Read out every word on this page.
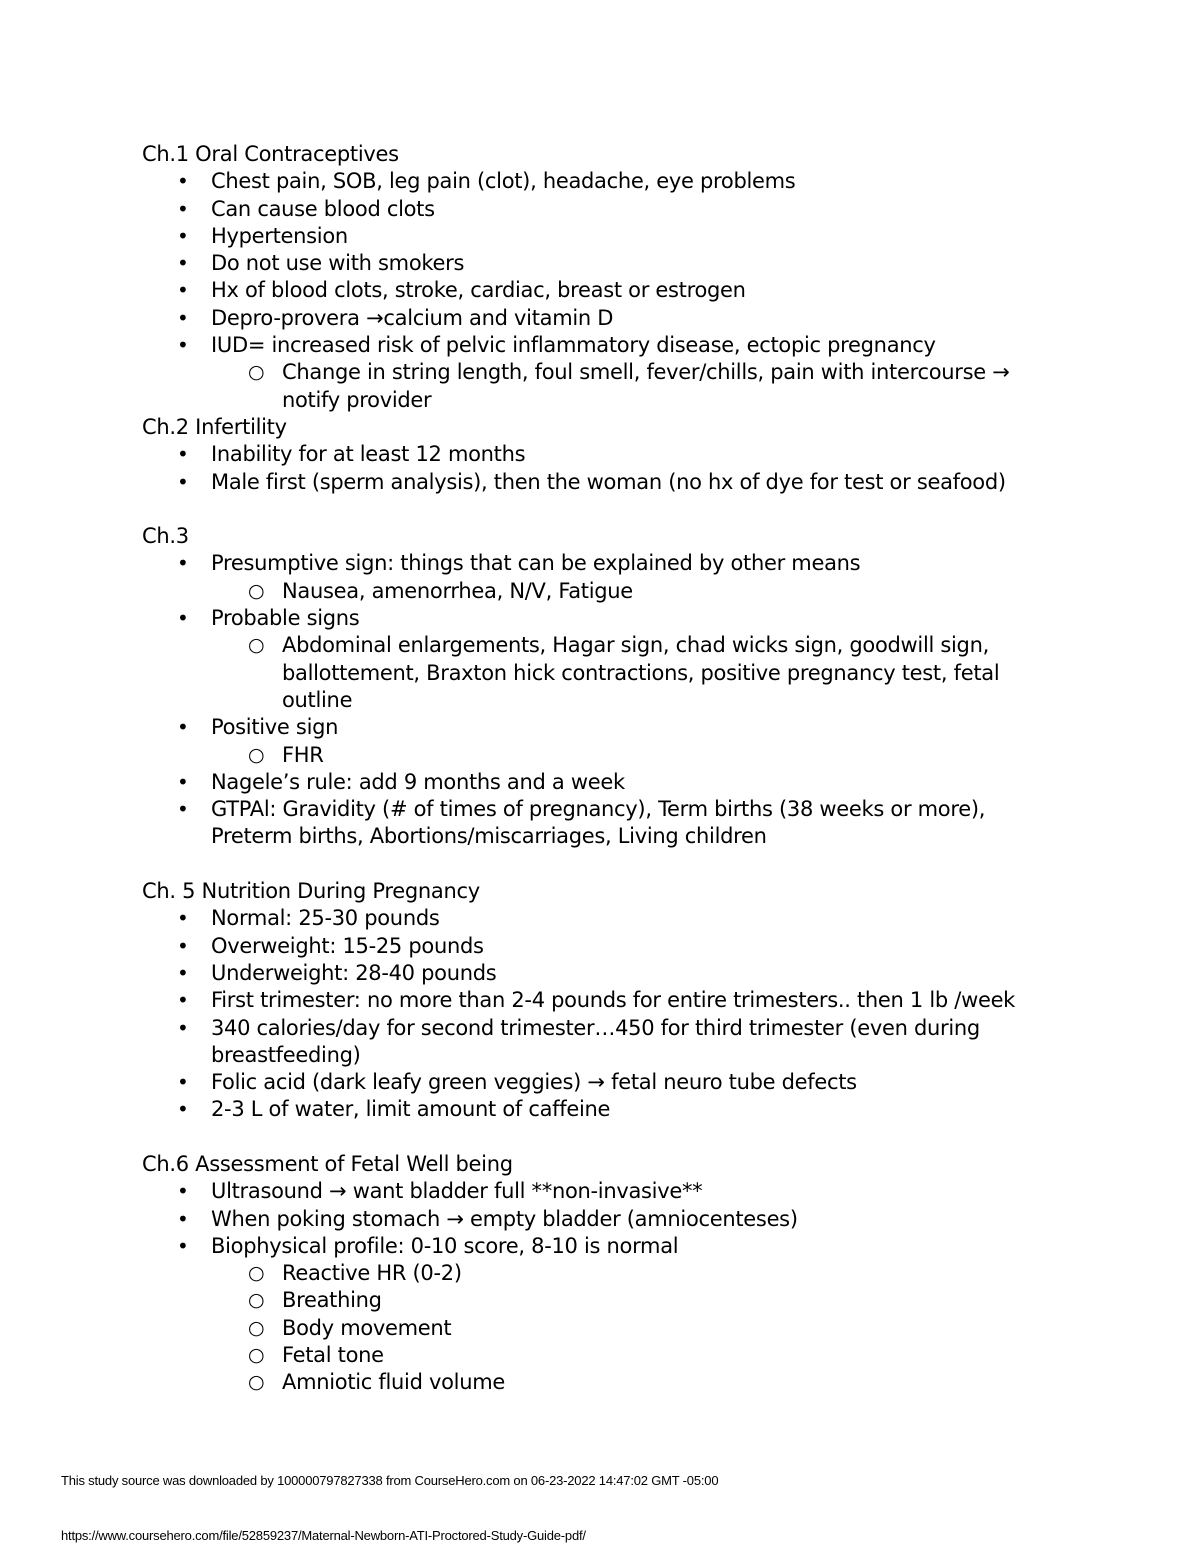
Ch.1 Oral Contraceptives
• Chest pain, SOB, leg pain (clot), headache, eye problems
• Can cause blood clots
• Hypertension
• Do not use with smokers
• Hx of blood clots, stroke, cardiac, breast or estrogen
• Depro-provera →calcium and vitamin D
• IUD= increased risk of pelvic inflammatory disease, ectopic pregnancy
○ Change in string length, foul smell, fever/chills, pain with intercourse →
notify provider
Ch.2 Infertility
• Inability for at least 12 months
• Male first (sperm analysis), then the woman (no hx of dye for test or seafood)
Ch.3
• Presumptive sign: things that can be explained by other means
○ Nausea, amenorrhea, N/V, Fatigue
• Probable signs
○ Abdominal enlargements, Hagar sign, chad wicks sign, goodwill sign,
ballottement, Braxton hick contractions, positive pregnancy test, fetal
outline
• Positive sign
○ FHR
• Nagele’s rule: add 9 months and a week
• GTPAl: Gravidity (# of times of pregnancy), Term births (38 weeks or more),
Preterm births, Abortions/miscarriages, Living children
Ch. 5 Nutrition During Pregnancy
• Normal: 25-30 pounds
• Overweight: 15-25 pounds
• Underweight: 28-40 pounds
• First trimester: no more than 2-4 pounds for entire trimesters.. then 1 lb /week
• 340 calories/day for second trimester…450 for third trimester (even during
breastfeeding)
• Folic acid (dark leafy green veggies) → fetal neuro tube defects
• 2-3 L of water, limit amount of caffeine
Ch.6 Assessment of Fetal Well being
• Ultrasound → want bladder full **non-invasive**
• When poking stomach → empty bladder (amniocenteses)
• Biophysical profile: 0-10 score, 8-10 is normal
○ Reactive HR (0-2)
○ Breathing
○ Body movement
○ Fetal tone
○ Amniotic fluid volume
This study source was downloaded by 100000797827338 from CourseHero.com on 06-23-2022 14:47:02 GMT -05:00
https://www.coursehero.com/file/52859237/Maternal-Newborn-ATI-Proctored-Study-Guide-pdf/
